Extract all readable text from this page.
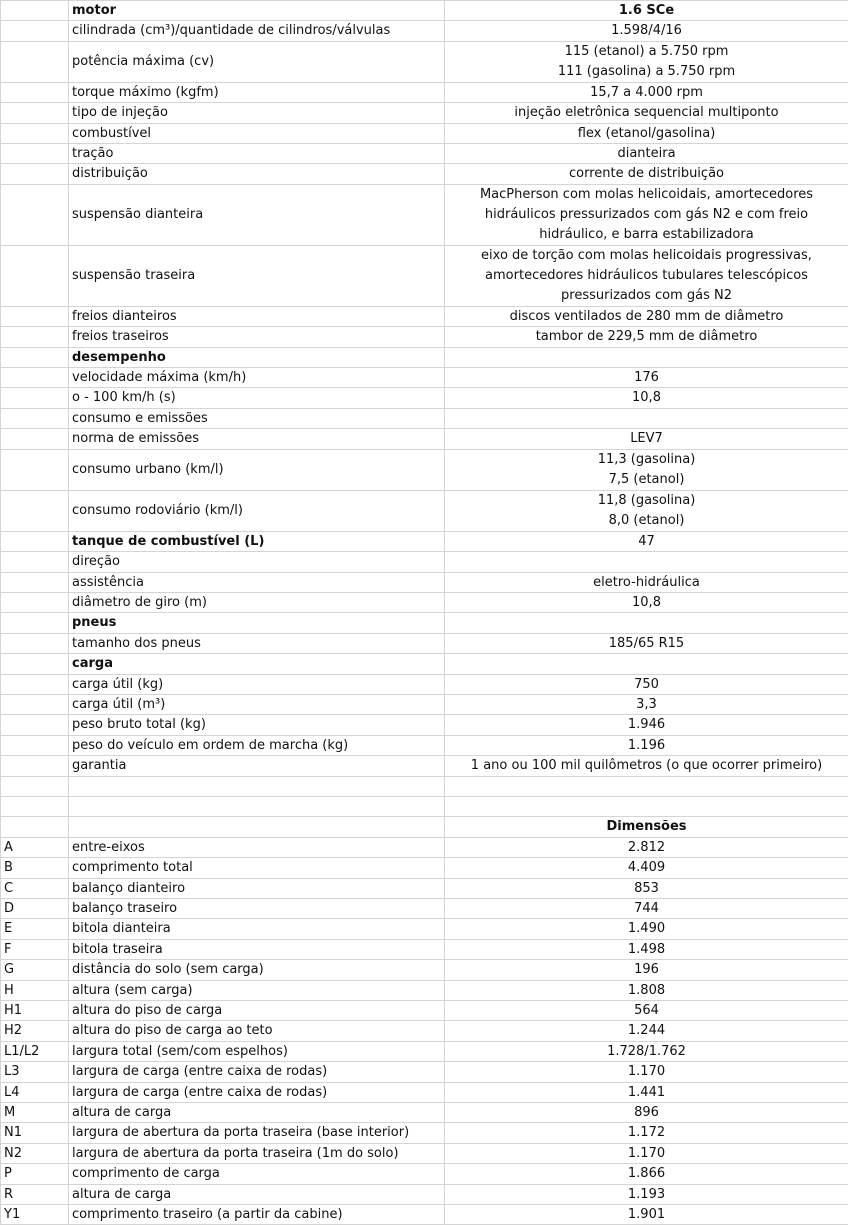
	motor	1.6 SCe
	cilindrada (cm³)/quantidade de cilindros/válvulas	1.598/4/16
	potência máxima (cv)	115 (etanol) a 5.750 rpm
111 (gasolina) a 5.750 rpm
	torque máximo (kgfm)	15,7 a 4.000 rpm
	tipo de injeção	injeção eletrônica sequencial multiponto
	combustível	flex (etanol/gasolina)
	tração	dianteira
	distribuição	corrente de distribuição
	suspensão dianteira	MacPherson com molas helicoidais, amortecedores hidráulicos pressurizados com gás N2 e com freio hidráulico, e barra estabilizadora
	suspensão traseira	eixo de torção com molas helicoidais progressivas, amortecedores hidráulicos tubulares telescópicos pressurizados com gás N2
	freios dianteiros	discos ventilados de 280 mm de diâmetro
	freios traseiros	tambor de 229,5 mm de diâmetro
	desempenho	
	velocidade máxima (km/h)	176
	o - 100 km/h (s)	10,8
	consumo e emissões	
	norma de emissões	LEV7
	consumo urbano (km/l)	11,3 (gasolina)
7,5 (etanol)
	consumo rodoviário (km/l)	11,8 (gasolina)
8,0 (etanol)
	tanque de combustível (L)	47
	direção	
	assistência	eletro-hidráulica
	diâmetro de giro (m)	10,8
	pneus	
	tamanho dos pneus	185/65 R15
	carga	
	carga útil (kg)	750
	carga útil (m³)	3,3
	peso bruto total (kg)	1.946
	peso do veículo em ordem de marcha (kg)	1.196
	garantia	1 ano ou 100 mil quilômetros (o que ocorrer primeiro)

		Dimensões
A	entre-eixos	2.812
B	comprimento total	4.409
C	balanço dianteiro	853
D	balanço traseiro	744
E	bitola dianteira	1.490
F	bitola traseira	1.498
G	distância do solo (sem carga)	196
H	altura (sem carga)	1.808
H1	altura do piso de carga	564
H2	altura do piso de carga ao teto	1.244
L1/L2	largura total (sem/com espelhos)	1.728/1.762
L3	largura de carga (entre caixa de rodas)	1.170
L4	largura de carga (entre caixa de rodas)	1.441
M	altura de carga	896
N1	largura de abertura da porta traseira (base interior)	1.172
N2	largura de abertura da porta traseira (1m do solo)	1.170
P	comprimento de carga	1.866
R	altura de carga	1.193
Y1	comprimento traseiro (a partir da cabine)	1.901
